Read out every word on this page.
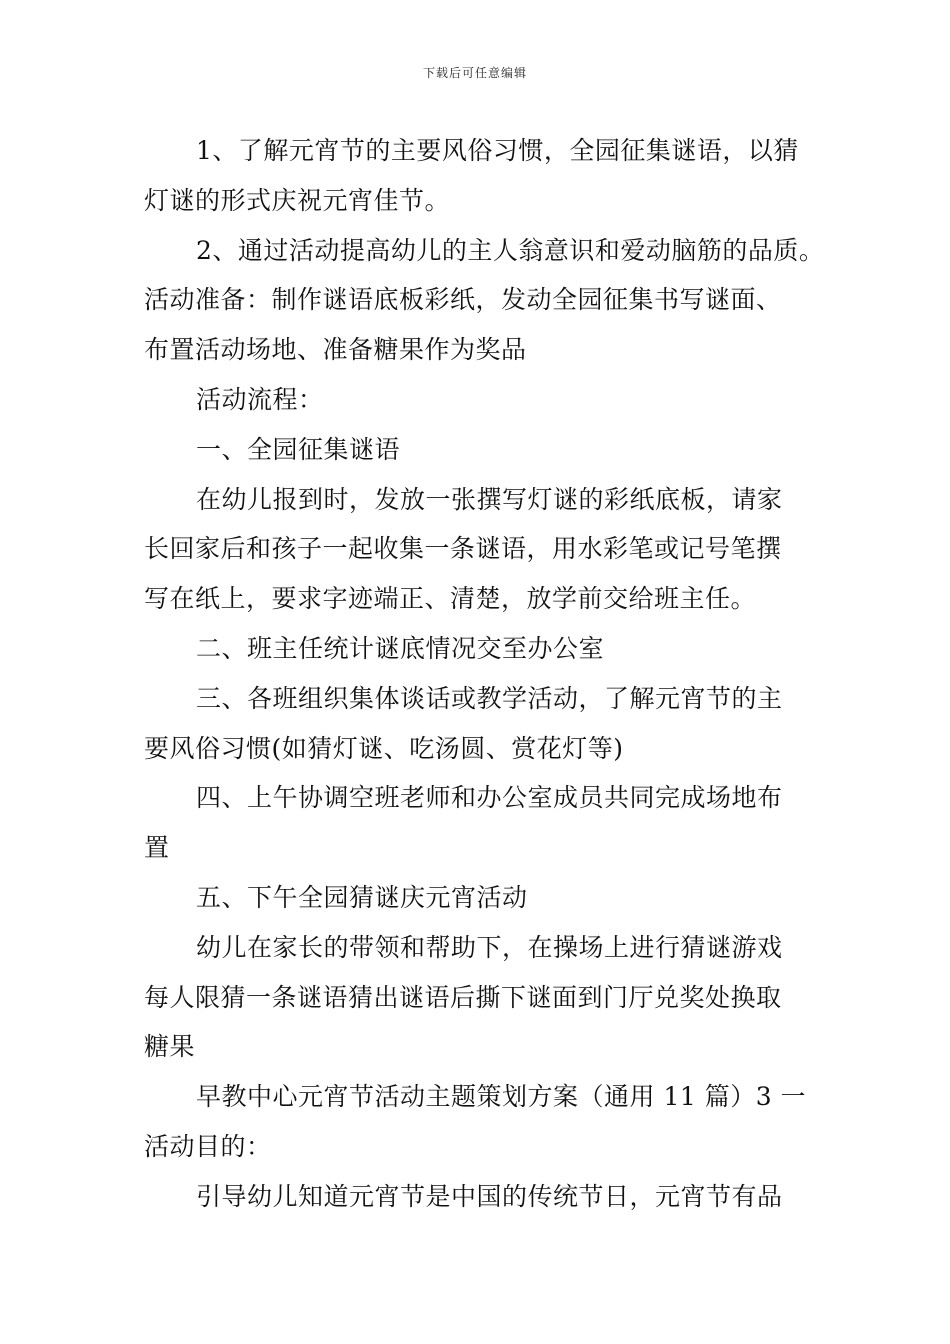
下载后可任意编辑
1、了解元宵节的主要风俗习惯，全园征集谜语，以猜
灯谜的形式庆祝元宵佳节。
2、通过活动提高幼儿的主人翁意识和爱动脑筋的品质。
活动准备：制作谜语底板彩纸，发动全园征集书写谜面、
布置活动场地、准备糖果作为奖品
活动流程：
一、全园征集谜语
在幼儿报到时，发放一张撰写灯谜的彩纸底板，请家
长回家后和孩子一起收集一条谜语，用水彩笔或记号笔撰
写在纸上，要求字迹端正、清楚，放学前交给班主任。
二、班主任统计谜底情况交至办公室
三、各班组织集体谈话或教学活动，了解元宵节的主
要风俗习惯(如猜灯谜、吃汤圆、赏花灯等)
四、上午协调空班老师和办公室成员共同完成场地布
置
五、下午全园猜谜庆元宵活动
幼儿在家长的带领和帮助下，在操场上进行猜谜游戏
每人限猜一条谜语猜出谜语后撕下谜面到门厅兑奖处换取
糖果
早教中心元宵节活动主题策划方案（通用 11 篇）3 一
活动目的：
引导幼儿知道元宵节是中国的传统节日，元宵节有品
